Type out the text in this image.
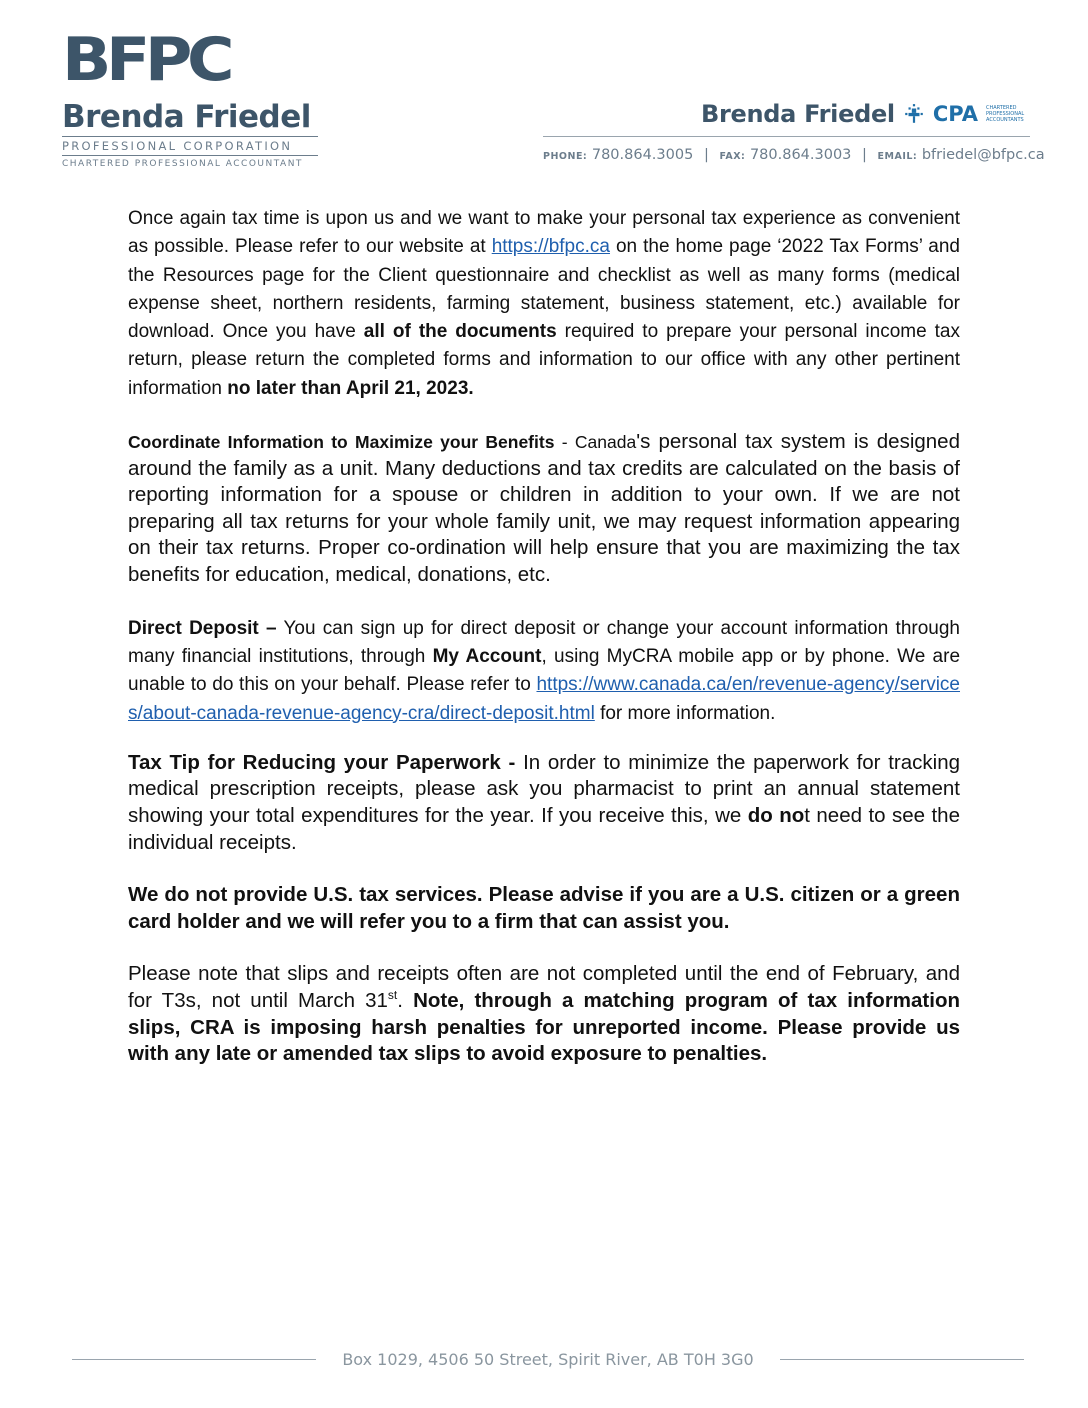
BFPC
Brenda Friedel
PROFESSIONAL CORPORATION
CHARTERED PROFESSIONAL ACCOUNTANT
Brenda Friedel CPA CHARTERED PROFESSIONAL ACCOUNTANTS
PHONE: 780.864.3005 | FAX: 780.864.3003 | EMAIL: bfriedel@bfpc.ca

Once again tax time is upon us and we want to make your personal tax experience as convenient as possible. Please refer to our website at https://bfpc.ca on the home page ‘2022 Tax Forms’ and the Resources page for the Client questionnaire and checklist as well as many forms (medical expense sheet, northern residents, farming statement, business statement, etc.) available for download. Once you have all of the documents required to prepare your personal income tax return, please return the completed forms and information to our office with any other pertinent information no later than April 21, 2023.

Coordinate Information to Maximize your Benefits - Canada's personal tax system is designed around the family as a unit. Many deductions and tax credits are calculated on the basis of reporting information for a spouse or children in addition to your own. If we are not preparing all tax returns for your whole family unit, we may request information appearing on their tax returns. Proper co-ordination will help ensure that you are maximizing the tax benefits for education, medical, donations, etc.

Direct Deposit – You can sign up for direct deposit or change your account information through many financial institutions, through My Account, using MyCRA mobile app or by phone. We are unable to do this on your behalf. Please refer to https://www.canada.ca/en/revenue-agency/services/about-canada-revenue-agency-cra/direct-deposit.html for more information.

Tax Tip for Reducing your Paperwork - In order to minimize the paperwork for tracking medical prescription receipts, please ask you pharmacist to print an annual statement showing your total expenditures for the year. If you receive this, we do not need to see the individual receipts.

We do not provide U.S. tax services. Please advise if you are a U.S. citizen or a green card holder and we will refer you to a firm that can assist you.

Please note that slips and receipts often are not completed until the end of February, and for T3s, not until March 31st. Note, through a matching program of tax information slips, CRA is imposing harsh penalties for unreported income. Please provide us with any late or amended tax slips to avoid exposure to penalties.

Box 1029, 4506 50 Street, Spirit River, AB T0H 3G0
